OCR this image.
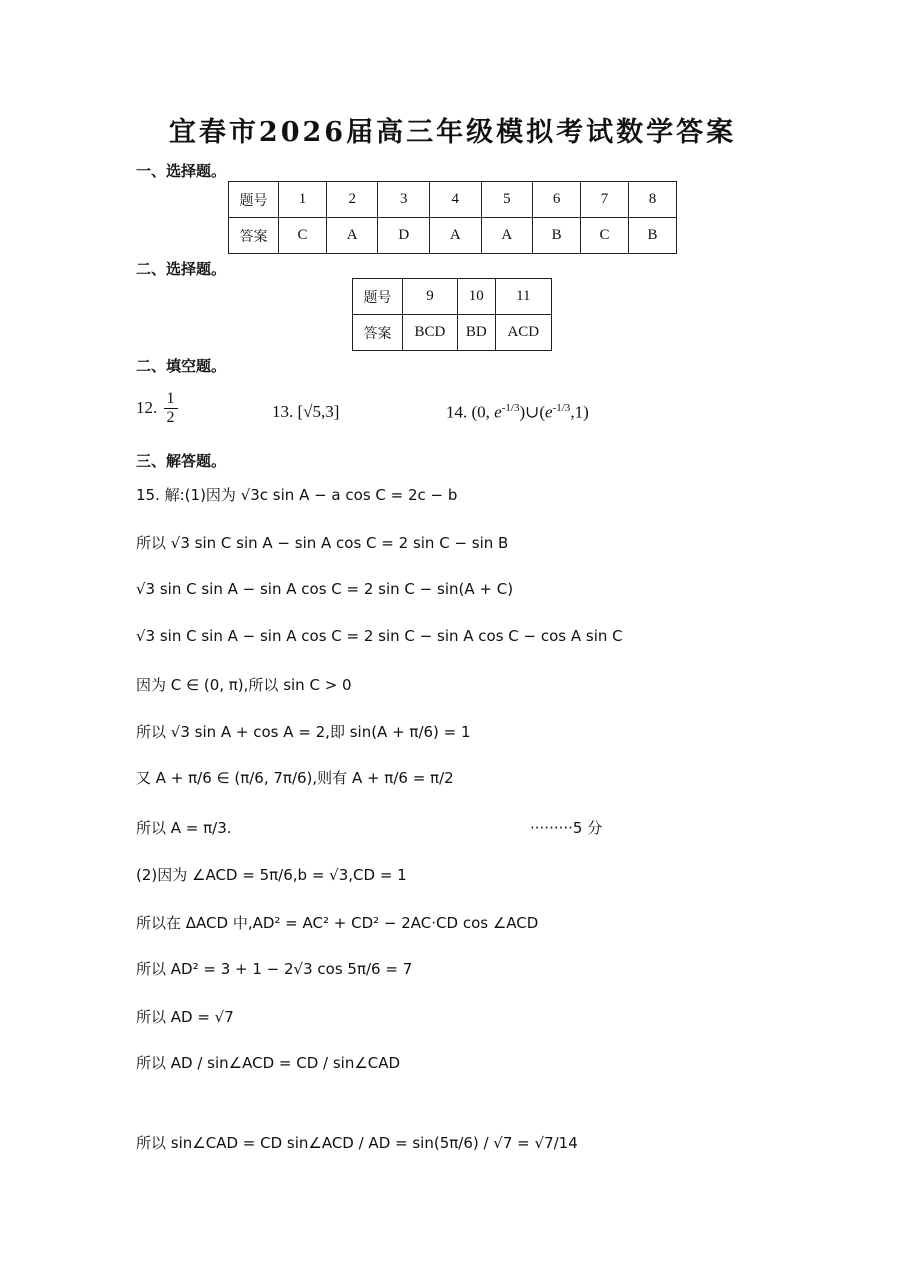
宜春市2026届高三年级模拟考试数学答案
一、选择题。
题号	1	2	3	4	5	6	7	8
答案	C	A	D	A	A	B	C	B
二、选择题。
题号	9	10	11
答案	BCD	BD	ACD
二、填空题。
12. $\frac{1}{2}$	13. [√5,3]	14. (0, $e^{-1/3})\cup(e^{-1/3},1)$
三、解答题。
15. 解:(1)因为 √3c sin A − a cos C = 2c − b
所以 √3 sin C sin A − sin A cos C = 2 sin C − sin B
√3 sin C sin A − sin A cos C = 2 sin C − sin(A + C)
√3 sin C sin A − sin A cos C = 2 sin C − sin A cos C − cos A sin C
因为 C ∈ (0, π),所以 sin C > 0
所以 √3 sin A + cos A = 2,即 sin(A + π/6) = 1
又 A + π/6 ∈ (π/6, 7π/6),则有 A + π/6 = π/2
所以 A = π/3.	·········5 分
(2)因为 ∠ACD = 5π/6,b = √3,CD = 1
所以在 ΔACD 中,AD² = AC² + CD² − 2AC·CD cos ∠ACD
所以 AD² = 3 + 1 − 2√3 cos 5π/6 = 7
所以 AD = √7
所以 AD / sin∠ACD = CD / sin∠CAD
所以 sin∠CAD = CD sin∠ACD / AD = sin(5π/6) / √7 = √7/14
